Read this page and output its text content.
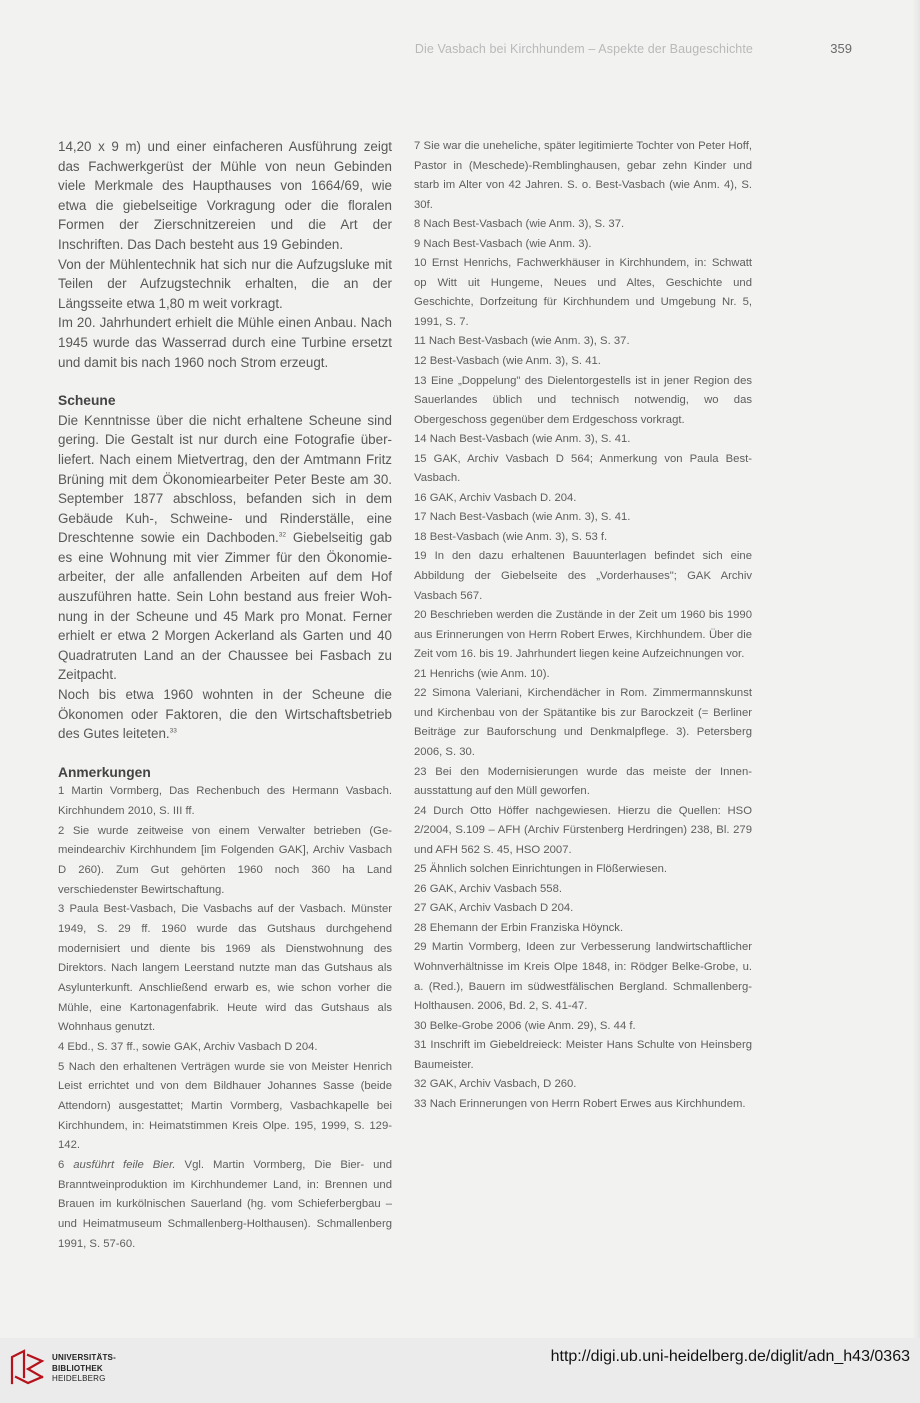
Die Vasbach bei Kirchhundem – Aspekte der Baugeschichte	359

14,20 x 9 m) und einer einfacheren Ausführung zeigt das Fachwerkgerüst der Mühle von neun Gebinden viele Merkmale des Haupthauses von 1664/69, wie etwa die giebelseitige Vorkragung oder die floralen Formen der Zierschnitzereien und die Art der Inschriften. Das Dach besteht aus 19 Gebinden.

Von der Mühlentechnik hat sich nur die Aufzugsluke mit Teilen der Aufzugstechnik erhalten, die an der Längsseite etwa 1,80 m weit vorkragt.

Im 20. Jahrhundert erhielt die Mühle einen Anbau. Nach 1945 wurde das Wasserrad durch eine Turbine ersetzt und damit bis nach 1960 noch Strom erzeugt.

Scheune

Die Kenntnisse über die nicht erhaltene Scheune sind gering. Die Gestalt ist nur durch eine Fotografie überliefert. Nach einem Mietvertrag, den der Amtmann Fritz Brüning mit dem Ökonomiearbeiter Peter Beste am 30. September 1877 abschloss, befanden sich in dem Gebäude Kuh-, Schweine- und Rinderställe, eine Dreschtenne sowie ein Dachboden.$^{32}$ Giebelseitig gab es eine Wohnung mit vier Zimmer für den Ökonomiearbeiter, der alle anfallenden Arbeiten auf dem Hof auszuführen hatte. Sein Lohn bestand aus freier Wohnung in der Scheune und 45 Mark pro Monat. Ferner erhielt er etwa 2 Morgen Ackerland als Garten und 40 Quadratruten Land an der Chaussee bei Fasbach zu Zeitpacht.

Noch bis etwa 1960 wohnten in der Scheune die Ökonomen oder Faktoren, die den Wirtschaftsbetrieb des Gutes leiteten.$^{33}$

Anmerkungen

1 Martin Vormberg, Das Rechenbuch des Hermann Vasbach. Kirchhundem 2010, S. III ff.

2 Sie wurde zeitweise von einem Verwalter betrieben (Gemeindearchiv Kirchhundem [im Folgenden GAK], Archiv Vasbach D 260). Zum Gut gehörten 1960 noch 360 ha Land verschiedenster Bewirtschaftung.

3 Paula Best-Vasbach, Die Vasbachs auf der Vasbach. Münster 1949, S. 29 ff. 1960 wurde das Gutshaus durchgehend modernisiert und diente bis 1969 als Dienstwohnung des Direktors. Nach langem Leerstand nutzte man das Gutshaus als Asylunterkunft. Anschließend erwarb es, wie schon vorher die Mühle, eine Kartonagenfabrik. Heute wird das Gutshaus als Wohnhaus genutzt.

4 Ebd., S. 37 ff., sowie GAK, Archiv Vasbach D 204.

5 Nach den erhaltenen Verträgen wurde sie von Meister Henrich Leist errichtet und von dem Bildhauer Johannes Sasse (beide Attendorn) ausgestattet; Martin Vormberg, Vasbachkapelle bei Kirchhundem, in: Heimatstimmen Kreis Olpe. 195, 1999, S. 129-142.

6 ausführt feile Bier. Vgl. Martin Vormberg, Die Bier- und Branntweinproduktion im Kirchhundemer Land, in: Brennen und Brauen im kurkölnischen Sauerland (hg. vom Schieferbergbau – und Heimatmuseum Schmallenberg-Holthausen). Schmallenberg 1991, S. 57-60.

7 Sie war die uneheliche, später legitimierte Tochter von Peter Hoff, Pastor in (Meschede)-Remblinghausen, gebar zehn Kinder und starb im Alter von 42 Jahren. S. o. Best-Vasbach (wie Anm. 4), S. 30f.

8 Nach Best-Vasbach (wie Anm. 3), S. 37.

9 Nach Best-Vasbach (wie Anm. 3).

10 Ernst Henrichs, Fachwerkhäuser in Kirchhundem, in: Schwatt op Witt uit Hungeme, Neues und Altes, Geschichte und Geschichte, Dorfzeitung für Kirchhundem und Umgebung Nr. 5, 1991, S. 7.

11 Nach Best-Vasbach (wie Anm. 3), S. 37.

12 Best-Vasbach (wie Anm. 3), S. 41.

13 Eine „Doppelung" des Dielentorgestells ist in jener Region des Sauerlandes üblich und technisch notwendig, wo das Obergeschoss gegenüber dem Erdgeschoss vorkragt.

14 Nach Best-Vasbach (wie Anm. 3), S. 41.

15 GAK, Archiv Vasbach D 564; Anmerkung von Paula Best-Vasbach.

16 GAK, Archiv Vasbach D. 204.

17 Nach Best-Vasbach (wie Anm. 3), S. 41.

18 Best-Vasbach (wie Anm. 3), S. 53 f.

19 In den dazu erhaltenen Bauunterlagen befindet sich eine Abbildung der Giebelseite des „Vorderhauses"; GAK Archiv Vasbach 567.

20 Beschrieben werden die Zustände in der Zeit um 1960 bis 1990 aus Erinnerungen von Herrn Robert Erwes, Kirchhundem. Über die Zeit vom 16. bis 19. Jahrhundert liegen keine Aufzeichnungen vor.

21 Henrichs (wie Anm. 10).

22 Simona Valeriani, Kirchendächer in Rom. Zimmermannskunst und Kirchenbau von der Spätantike bis zur Barockzeit (= Berliner Beiträge zur Bauforschung und Denkmalpflege. 3). Petersberg 2006, S. 30.

23 Bei den Modernisierungen wurde das meiste der Innenausstattung auf den Müll geworfen.

24 Durch Otto Höffer nachgewiesen. Hierzu die Quellen: HSO 2/2004, S.109 – AFH (Archiv Fürstenberg Herdringen) 238, Bl. 279 und AFH 562 S. 45, HSO 2007.

25 Ähnlich solchen Einrichtungen in Flößerwiesen.

26 GAK, Archiv Vasbach 558.

27 GAK, Archiv Vasbach D 204.

28 Ehemann der Erbin Franziska Höynck.

29 Martin Vormberg, Ideen zur Verbesserung landwirtschaftlicher Wohnverhältnisse im Kreis Olpe 1848, in: Rödger Belke-Grobe, u. a. (Red.), Bauern im südwestfälischen Bergland. Schmallenberg-Holthausen. 2006, Bd. 2, S. 41-47.

30 Belke-Grobe 2006 (wie Anm. 29), S. 44 f.

31 Inschrift im Giebeldreieck: Meister Hans Schulte von Heinsberg Baumeister.

32 GAK, Archiv Vasbach, D 260.

33 Nach Erinnerungen von Herrn Robert Erwes aus Kirchhundem.

UNIVERSITÄTS-
BIBLIOTHEK
HEIDELBERG
http://digi.ub.uni-heidelberg.de/diglit/adn_h43/0363
